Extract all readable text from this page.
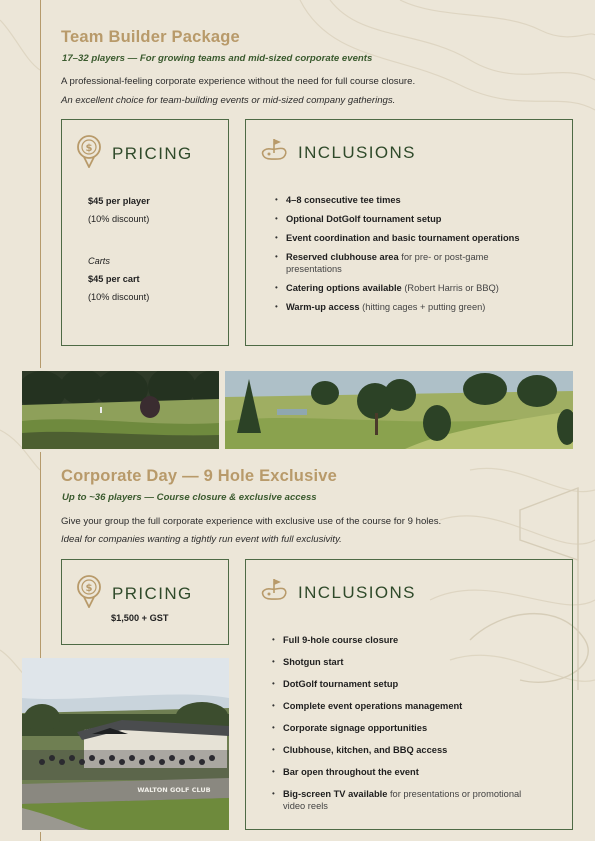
Team Builder Package
17–32 players — For growing teams and mid-sized corporate events
A professional-feeling corporate experience without the need for full course closure.
An excellent choice for team-building events or mid-sized company gatherings.
$ PRICING
$45 per player
(10% discount)
Carts
$45 per cart
(10% discount)
INCLUSIONS
• 4–8 consecutive tee times
• Optional DotGolf tournament setup
• Event coordination and basic tournament operations
• Reserved clubhouse area for pre- or post-game presentations
• Catering options available (Robert Harris or BBQ)
• Warm-up access (hitting cages + putting green)
Corporate Day — 9 Hole Exclusive
Up to ~36 players — Course closure & exclusive access
Give your group the full corporate experience with exclusive use of the course for 9 holes.
Ideal for companies wanting a tightly run event with full exclusivity.
$ PRICING
$1,500 + GST
INCLUSIONS
• Full 9-hole course closure
• Shotgun start
• DotGolf tournament setup
• Complete event operations management
• Corporate signage opportunities
• Clubhouse, kitchen, and BBQ access
• Bar open throughout the event
• Big-screen TV available for presentations or promotional video reels
WALTON GOLF CLUB
